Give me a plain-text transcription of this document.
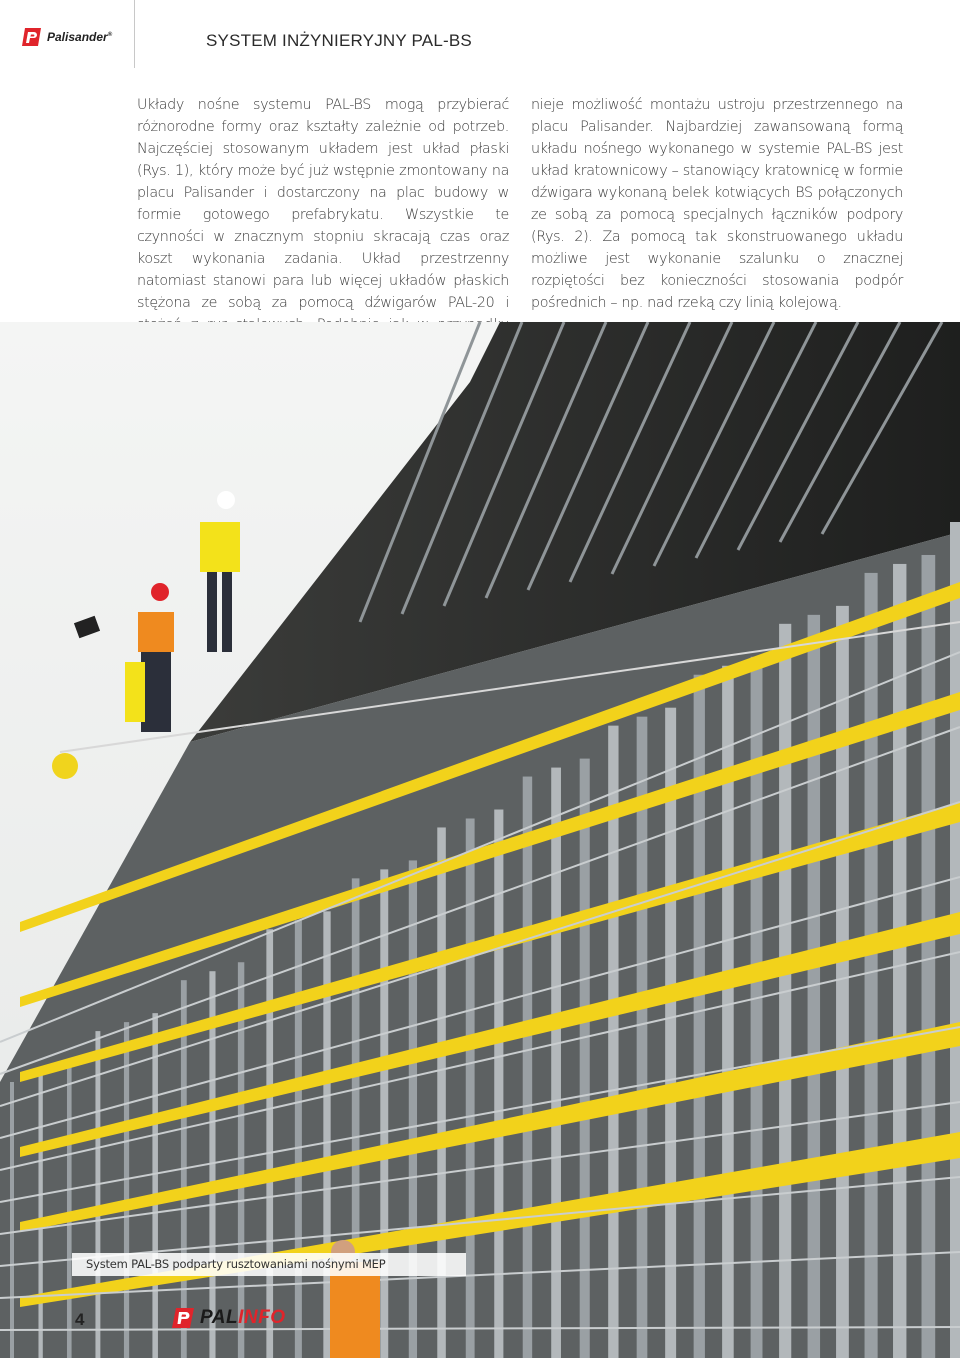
Palisander®	SYSTEM INŻYNIERYJNY PAL-BS
Układy nośne systemu PAL-BS mogą przybierać różnorodne formy oraz kształty zależnie od potrzeb. Najczęściej stosowanym układem jest układ płaski (Rys. 1), który może być już wstępnie zmontowany na placu Palisander i dostarczony na plac budowy w formie gotowego prefabrykatu. Wszystkie te czynności w znacznym stopniu skracają czas oraz koszt wykonania zadania. Układ przestrzenny natomiast stanowi para lub więcej układów płaskich stężona ze sobą za pomocą dźwigarów PAL-20 i
nieje możliwość montażu ustroju przestrzennego na placu Palisander. Najbardziej zawansowaną formą układu nośnego wykonanego w systemie PAL-BS jest układ kratownicowy – stanowiący kratownicę w formie dźwigara wykonaną belek kotwiących BS połączonych ze sobą za pomocą specjalnych łączników podpory (Rys. 2). Za pomocą tak skonstruowanego układu możliwe jest wykonanie szalunku o znacznej rozpiętości bez konieczności stosowania podpór pośrednich – np. nad rzeką czy linią kolejową.
System PAL-BS podparty rusztowaniami nośnymi MEP
4	PALINFO
